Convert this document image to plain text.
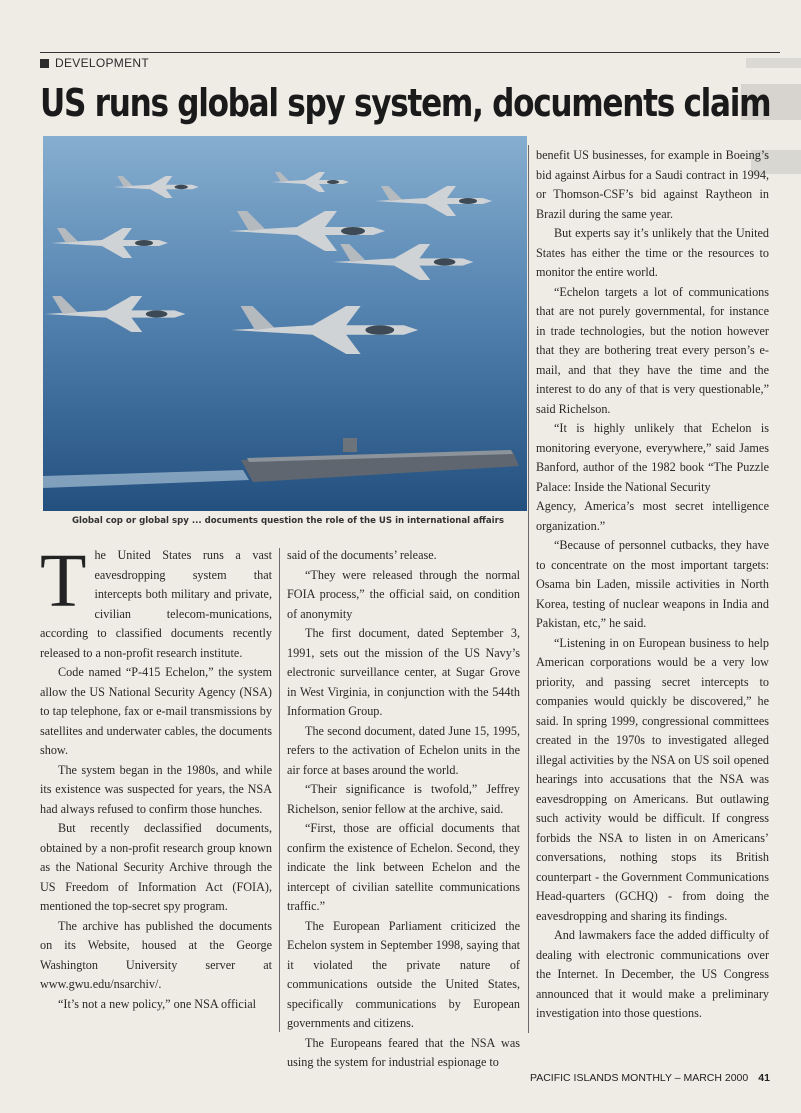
DEVELOPMENT
US runs global spy system, documents claim
Global cop or global spy ... documents question the role of the US in international affairs

T he United States runs a vast eavesdropping system that intercepts both military and private, civilian telecom-munications, according to classified documents recently released to a non-profit research institute.

Code named “P-415 Echelon,” the system allow the US National Security Agency (NSA) to tap telephone, fax or e-mail transmissions by satellites and underwater cables, the documents show.

The system began in the 1980s, and while its existence was suspected for years, the NSA had always refused to confirm those hunches.

But recently declassified documents, obtained by a non-profit research group known as the National Security Archive through the US Freedom of Information Act (FOIA), mentioned the top-secret spy program.

The archive has published the documents on its Website, housed at the George Washington University server at www.gwu.edu/nsarchiv/.

“It’s not a new policy,” one NSA official

said of the documents’ release.

“They were released through the normal FOIA process,” the official said, on condition of anonymity

The first document, dated September 3, 1991, sets out the mission of the US Navy’s electronic surveillance center, at Sugar Grove in West Virginia, in conjunction with the 544th Information Group.

The second document, dated June 15, 1995, refers to the activation of Echelon units in the air force at bases around the world.

“Their significance is twofold,” Jeffrey Richelson, senior fellow at the archive, said.

“First, those are official documents that confirm the existence of Echelon. Second, they indicate the link between Echelon and the intercept of civilian satellite communications traffic.”

The European Parliament criticized the Echelon system in September 1998, saying that it violated the private nature of communications outside the United States, specifically communications by European governments and citizens.

The Europeans feared that the NSA was using the system for industrial espionage to

benefit US businesses, for example in Boeing’s bid against Airbus for a Saudi contract in 1994, or Thomson-CSF’s bid against Raytheon in Brazil during the same year.

But experts say it’s unlikely that the United States has either the time or the resources to monitor the entire world.

“Echelon targets a lot of communications that are not purely governmental, for instance in trade technologies, but the notion however that they are bothering treat every person’s e-mail, and that they have the time and the interest to do any of that is very questionable,” said Richelson.

“It is highly unlikely that Echelon is monitoring everyone, everywhere,” said James Banford, author of the 1982 book “The Puzzle Palace: Inside the National Security

Agency, America’s most secret intelligence organization.”

“Because of personnel cutbacks, they have to concentrate on the most important targets: Osama bin Laden, missile activities in North Korea, testing of nuclear weapons in India and Pakistan, etc,” he said.

“Listening in on European business to help American corporations would be a very low priority, and passing secret intercepts to companies would quickly be discovered,” he said. In spring 1999, congressional committees created in the 1970s to investigated alleged illegal activities by the NSA on US soil opened hearings into accusations that the NSA was eavesdropping on Americans. But outlawing such activity would be difficult. If congress forbids the NSA to listen in on Americans’ conversations, nothing stops its British counterpart - the Government Communications Head-quarters (GCHQ) - from doing the eavesdropping and sharing its findings.

And lawmakers face the added difficulty of dealing with electronic communications over the Internet. In December, the US Congress announced that it would make a preliminary investigation into those questions.

PACIFIC ISLANDS MONTHLY – MARCH 2000 41
